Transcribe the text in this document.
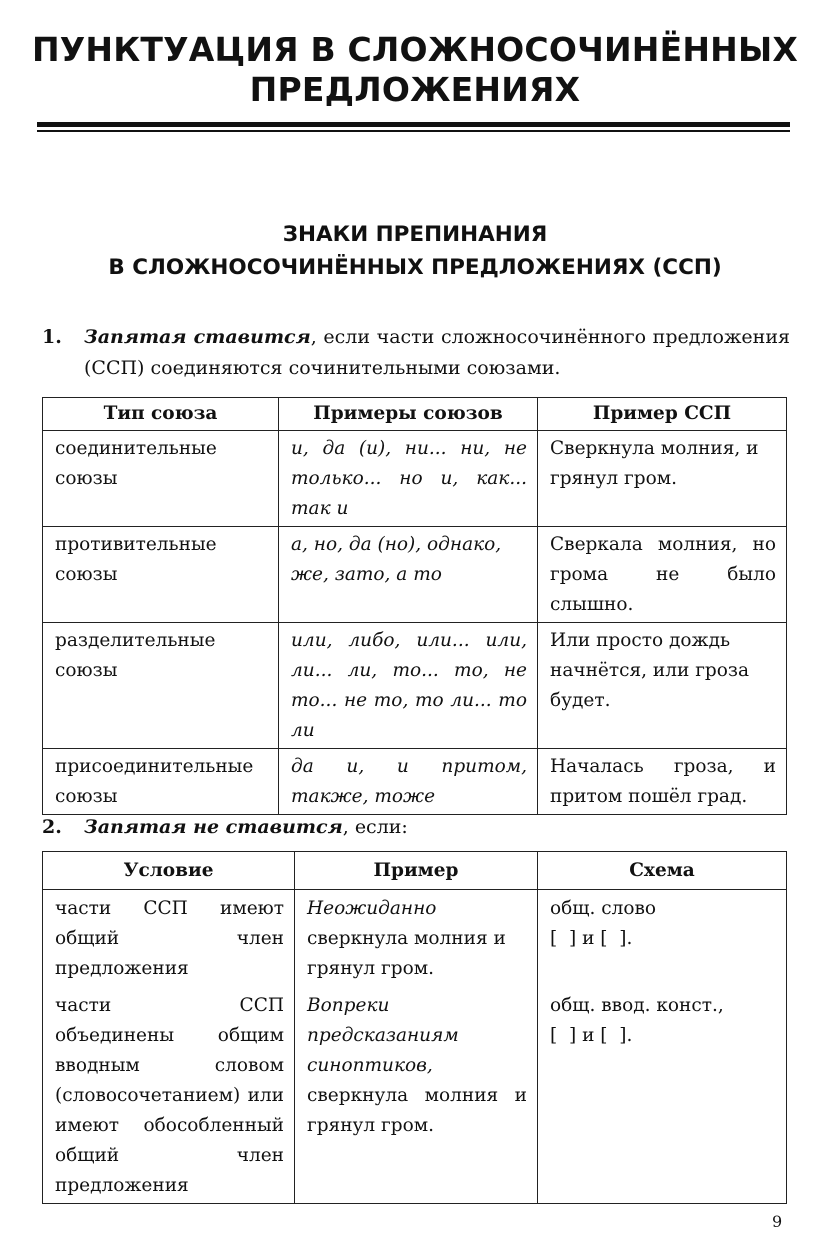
ПУНКТУАЦИЯ В СЛОЖНОСОЧИНЁННЫХ
ПРЕДЛОЖЕНИЯХ
ЗНАКИ ПРЕПИНАНИЯ
В СЛОЖНОСОЧИНЁННЫХ ПРЕДЛОЖЕНИЯХ (ССП)
1.	Запятая ставится, если части сложносочинённого предложения (ССП) соединяются сочинительными союзами.
Тип союза	Примеры союзов	Пример ССП
соединительные союзы	и, да (и), ни... ни, не только... но и, как... так и	Сверкнула молния, и грянул гром.
противительные союзы	а, но, да (но), однако, же, зато, а то	Сверкала молния, но грома не было слышно.
разделительные союзы	или, либо, или... или, ли... ли, то... то, не то... не то, то ли... то ли	Или просто дождь начнётся, или гроза будет.
присоединительные союзы	да и, и притом, также, тоже	Началась гроза, и притом пошёл град.
2.	Запятая не ставится, если:
Условие	Пример	Схема
части ССП имеют общий член предложения	Неожиданно сверкнула молния и грянул гром.	общ. слово
[  ] и [  ].

части ССП объединены общим вводным словом (словосочетанием) или имеют обособленный общий член предложения	Вопреки предсказаниям синоптиков, сверкнула молния и грянул гром.	общ. ввод. конст.,
[  ] и [  ].
9
